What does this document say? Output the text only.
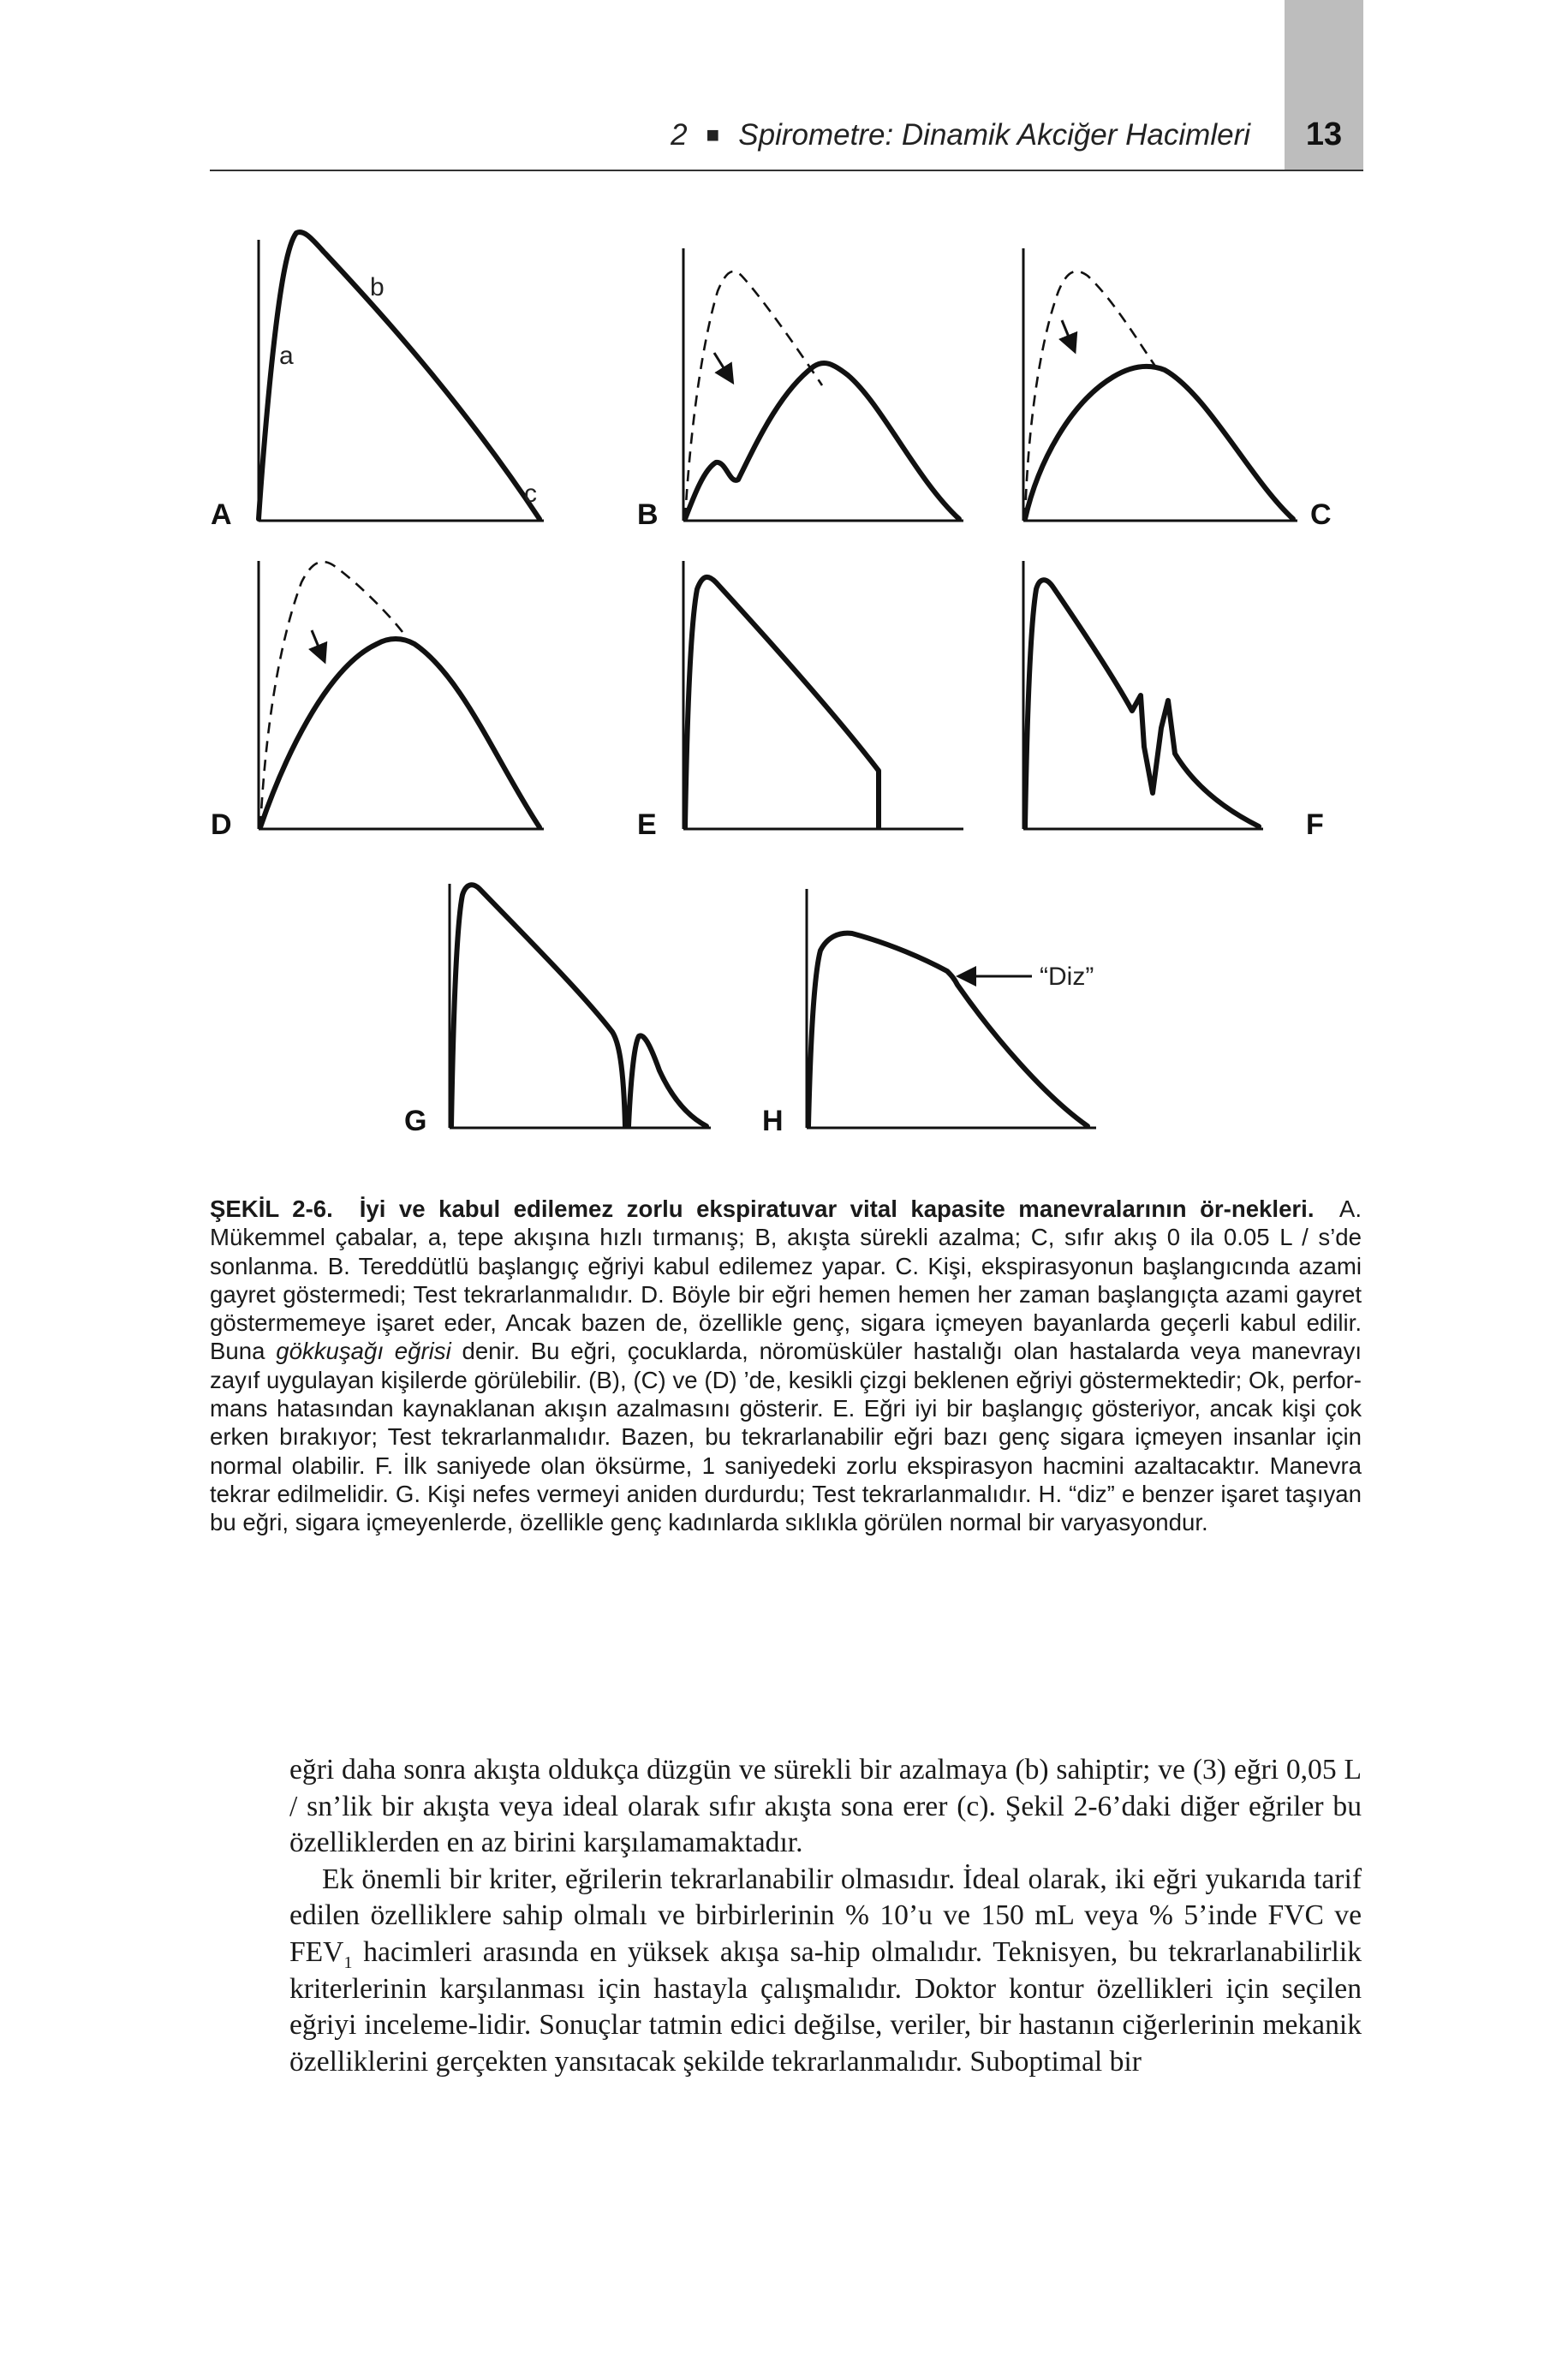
2 ■ Spirometre: Dinamik Akciğer Hacimleri	13
a
b
c
A	B	C
D	E	F
G
“Diz”
H
ŞEKİL 2-6. İyi ve kabul edilemez zorlu ekspiratuvar vital kapasite manevralarının ör-nekleri. A. Mükemmel çabalar, a, tepe akışına hızlı tırmanış; B, akışta sürekli azalma; C, sıfır akış 0 ila 0.05 L / s’de sonlanma. B. Tereddütlü başlangıç eğriyi kabul edilemez yapar. C. Kişi, ekspirasyonun başlangıcında azami gayret göstermedi; Test tekrarlanmalıdır. D. Böyle bir eğri hemen hemen her zaman başlangıçta azami gayret göstermemeye işaret eder, Ancak bazen de, özellikle genç, sigara içmeyen bayanlarda geçerli kabul edilir. Buna gökkuşağı eğrisi denir. Bu eğri, çocuklarda, nöromüsküler hastalığı olan hastalarda veya manevrayı zayıf uygulayan kişilerde görülebilir. (B), (C) ve (D) ’de, kesikli çizgi beklenen eğriyi göstermektedir; Ok, perfor-mans hatasından kaynaklanan akışın azalmasını gösterir. E. Eğri iyi bir başlangıç gösteriyor, ancak kişi çok erken bırakıyor; Test tekrarlanmalıdır. Bazen, bu tekrarlanabilir eğri bazı genç sigara içmeyen insanlar için normal olabilir. F. İlk saniyede olan öksürme, 1 saniyedeki zorlu ekspirasyon hacmini azaltacaktır. Manevra tekrar edilmelidir. G. Kişi nefes vermeyi aniden durdurdu; Test tekrarlanmalıdır. H. “diz” e benzer işaret taşıyan bu eğri, sigara içmeyenlerde, özellikle genç kadınlarda sıklıkla görülen normal bir varyasyondur.

eğri daha sonra akışta oldukça düzgün ve sürekli bir azalmaya (b) sahiptir; ve (3) eğri 0,05 L / sn’lik bir akışta veya ideal olarak sıfır akışta sona erer (c). Şekil 2-6’daki diğer eğriler bu özelliklerden en az birini karşılamamaktadır.

Ek önemli bir kriter, eğrilerin tekrarlanabilir olmasıdır. İdeal olarak, iki eğri yukarıda tarif edilen özelliklere sahip olmalı ve birbirlerinin % 10’u ve 150 mL veya % 5’inde FVC ve $FEV_1$ hacimleri arasında en yüksek akışa sa-hip olmalıdır. Teknisyen, bu tekrarlanabilirlik kriterlerinin karşılanması için hastayla çalışmalıdır. Doktor kontur özellikleri için seçilen eğriyi inceleme-lidir. Sonuçlar tatmin edici değilse, veriler, bir hastanın ciğerlerinin mekanik özelliklerini gerçekten yansıtacak şekilde tekrarlanmalıdır. Suboptimal bir
